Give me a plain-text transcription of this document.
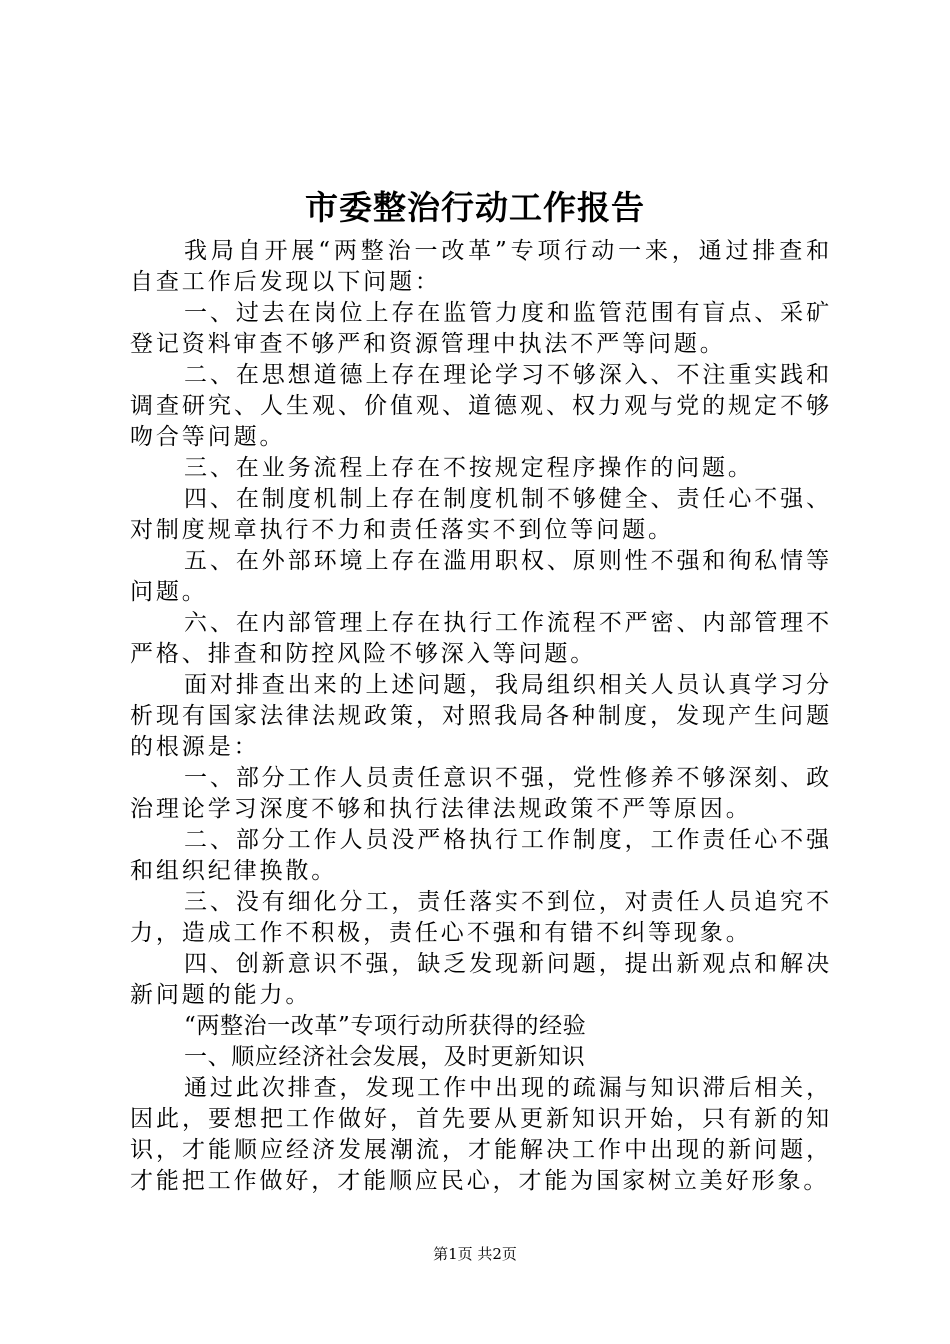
市委整治行动工作报告

我局自开展“两整治一改革”专项行动一来，通过排查和自查工作后发现以下问题：

一、过去在岗位上存在监管力度和监管范围有盲点、采矿登记资料审查不够严和资源管理中执法不严等问题。

二、在思想道德上存在理论学习不够深入、不注重实践和调查研究、人生观、价值观、道德观、权力观与党的规定不够吻合等问题。

三、在业务流程上存在不按规定程序操作的问题。

四、在制度机制上存在制度机制不够健全、责任心不强、对制度规章执行不力和责任落实不到位等问题。

五、在外部环境上存在滥用职权、原则性不强和徇私情等问题。

六、在内部管理上存在执行工作流程不严密、内部管理不严格、排查和防控风险不够深入等问题。

面对排查出来的上述问题，我局组织相关人员认真学习分析现有国家法律法规政策，对照我局各种制度，发现产生问题的根源是：

一、部分工作人员责任意识不强，党性修养不够深刻、政治理论学习深度不够和执行法律法规政策不严等原因。

二、部分工作人员没严格执行工作制度，工作责任心不强和组织纪律换散。

三、没有细化分工，责任落实不到位，对责任人员追究不力，造成工作不积极，责任心不强和有错不纠等现象。

四、创新意识不强，缺乏发现新问题，提出新观点和解决新问题的能力。

“两整治一改革”专项行动所获得的经验

一、顺应经济社会发展，及时更新知识

通过此次排查，发现工作中出现的疏漏与知识滞后相关，因此，要想把工作做好，首先要从更新知识开始，只有新的知识，才能顺应经济发展潮流，才能解决工作中出现的新问题，才能把工作做好，才能顺应民心，才能为国家树立美好形象。

第1页 共2页
